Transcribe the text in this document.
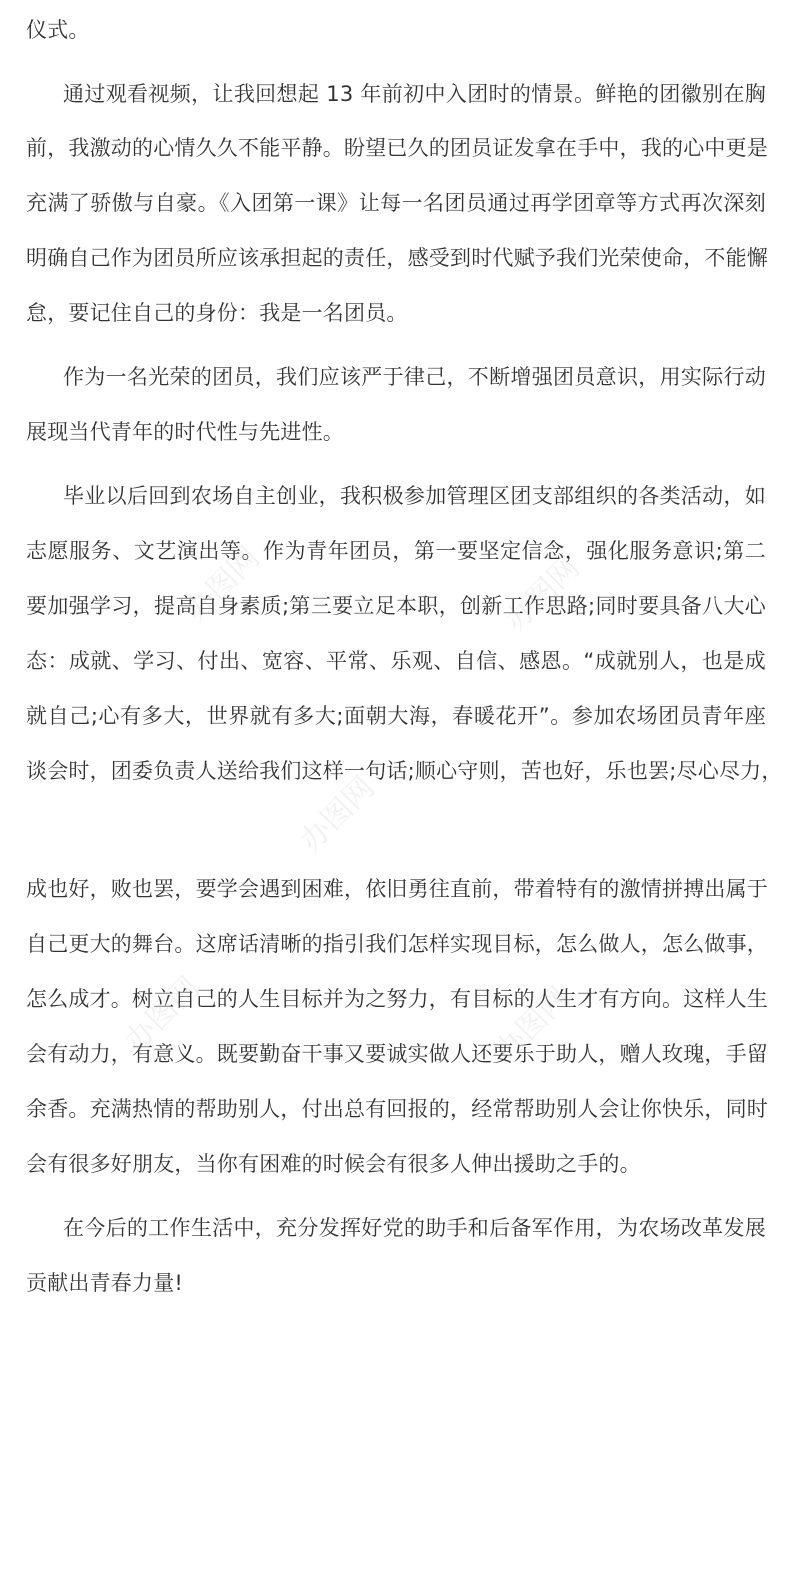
仪式。
通过观看视频，让我回想起 13 年前初中入团时的情景。鲜艳的团徽别在胸
前，我激动的心情久久不能平静。盼望已久的团员证发拿在手中，我的心中更是
充满了骄傲与自豪。《入团第一课》让每一名团员通过再学团章等方式再次深刻
明确自己作为团员所应该承担起的责任，感受到时代赋予我们光荣使命，不能懈
怠，要记住自己的身份：我是一名团员。
作为一名光荣的团员，我们应该严于律己，不断增强团员意识，用实际行动
展现当代青年的时代性与先进性。
毕业以后回到农场自主创业，我积极参加管理区团支部组织的各类活动，如
志愿服务、文艺演出等。作为青年团员，第一要坚定信念，强化服务意识;第二
要加强学习，提高自身素质;第三要立足本职，创新工作思路;同时要具备八大心
态：成就、学习、付出、宽容、平常、乐观、自信、感恩。“成就别人，也是成
就自己;心有多大，世界就有多大;面朝大海，春暖花开”。参加农场团员青年座
谈会时，团委负责人送给我们这样一句话;顺心守则，苦也好，乐也罢;尽心尽力，
成也好，败也罢，要学会遇到困难，依旧勇往直前，带着特有的激情拼搏出属于
自己更大的舞台。这席话清晰的指引我们怎样实现目标，怎么做人，怎么做事，
怎么成才。树立自己的人生目标并为之努力，有目标的人生才有方向。这样人生
会有动力，有意义。既要勤奋干事又要诚实做人还要乐于助人，赠人玫瑰，手留
余香。充满热情的帮助别人，付出总有回报的，经常帮助别人会让你快乐，同时
会有很多好朋友，当你有困难的时候会有很多人伸出援助之手的。
在今后的工作生活中，充分发挥好党的助手和后备军作用，为农场改革发展
贡献出青春力量!
办图网	办图网
办图网
办图网	办图网
